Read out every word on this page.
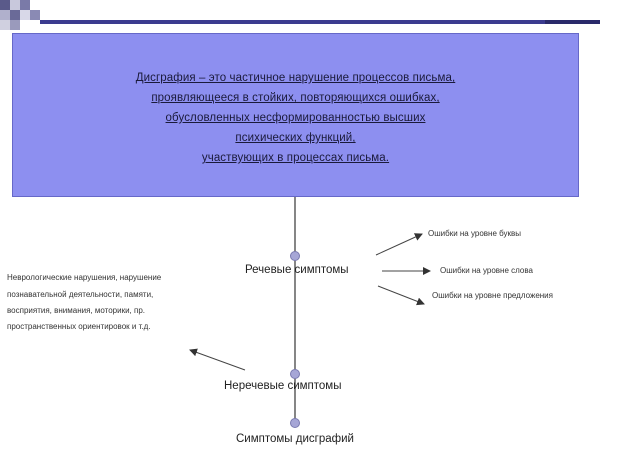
Дисграфия – это частичное нарушение процессов письма,
проявляющееся в стойких, повторяющихся ошибках,
обусловленных несформированностью высших
психических функций,
участвующих в процессах письма.
Речевые симптомы
Неречевые симптомы
Симптомы дисграфий
Ошибки на уровне буквы
Ошибки на уровне слова
Ошибки на уровне предложения
Неврологические нарушения, нарушение
познавательной деятельности, памяти,
восприятия, внимания, моторики, пр.
пространственных ориентировок и т.д.
